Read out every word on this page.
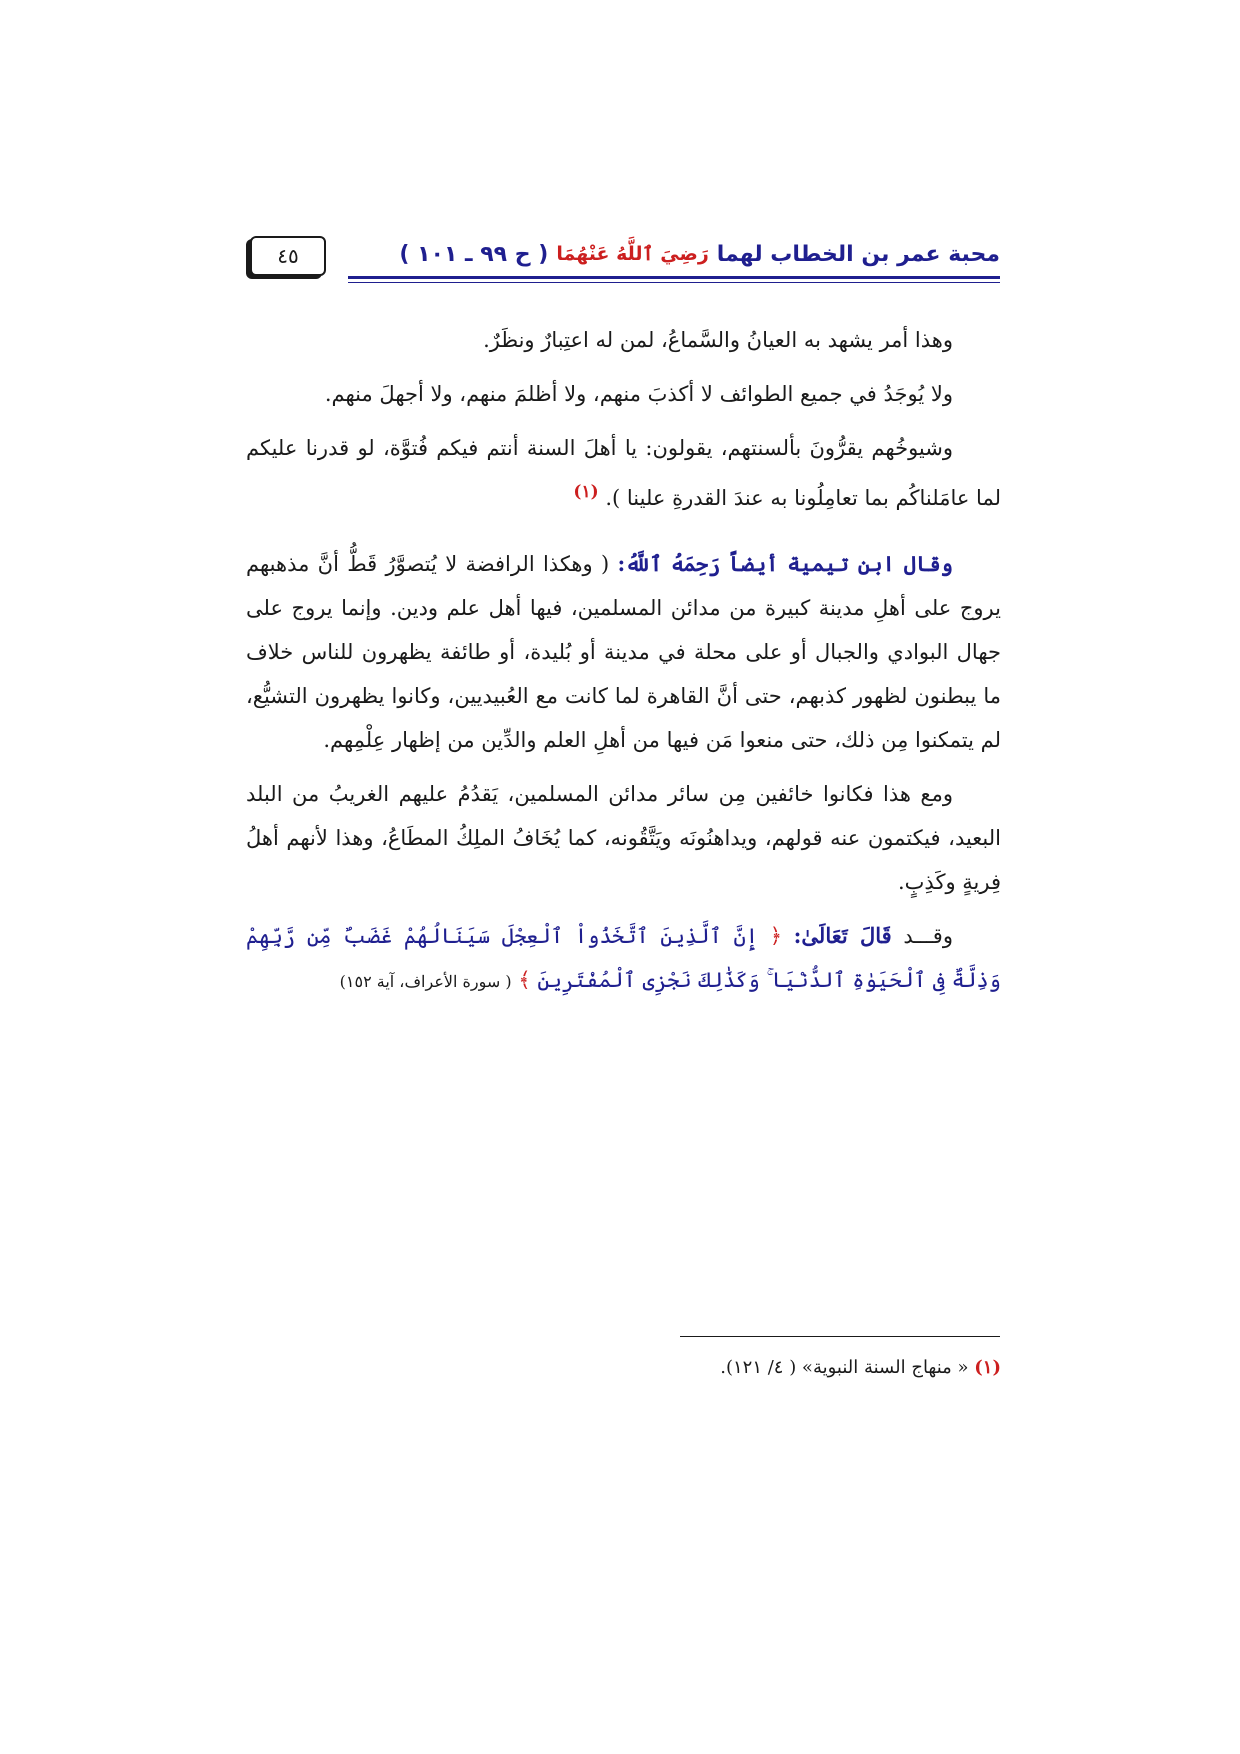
٤٥	محبة عمر بن الخطاب لهما
رَضِيَ ٱللَّهُ عَنْهُمَا
( ح ٩٩ ـ ١٠١ )

وهذا أمر يشهد به العيانُ والسَّماعُ، لمن له اعتِبارٌ ونظَرٌ.

ولا يُوجَدُ في جميع الطوائف لا أكذبَ منهم، ولا أظلمَ منهم، ولا أجهلَ منهم.

وشيوخُهم يقرُّونَ بألسنتهم، يقولون: يا أهلَ السنة أنتم فيكم فُتوَّة، لو قدرنا عليكم لما عامَلناكُم بما تعامِلُونا به عندَ القدرةِ علينا ). $^{(١)}$

وقال ابن تيمية أيضاً رَحِمَهُ ٱللَّهُ: ( وهكذا الرافضة لا يُتصوَّرُ قَطُّ أنَّ مذهبهم يروج على أهلِ مدينة كبيرة من مدائن المسلمين، فيها أهل علم ودين. وإنما يروج على جهال البوادي والجبال أو على محلة في مدينة أو بُليدة، أو طائفة يظهرون للناس خلاف ما يبطنون لظهور كذبهم، حتى أنَّ القاهرة لما كانت مع العُبيديين، وكانوا يظهرون التشيُّع، لم يتمكنوا مِن ذلك، حتى منعوا مَن فيها من أهلِ العلم والدِّين من إظهار عِلْمِهم.

ومع هذا فكانوا خائفين مِن سائر مدائن المسلمين، يَقدُمُ عليهم الغريبُ من البلد البعيد، فيكتمون عنه قولهم، ويداهنُونَه ويَتَّقُونه، كما يُخَافُ الملِكُ المطَاعُ، وهذا لأنهم أهلُ فِريةٍ وكَذِبٍ.

وقـــد قَالَ تَعَالَىٰ: ﴿ إِنَّ ٱلَّذِينَ ٱتَّخَذُواْ ٱلْعِجْلَ سَيَنَالُهُمْ غَضَبٌ مِّن رَّبِّهِمْ وَذِلَّةٌ فِى ٱلْحَيَوٰةِ ٱلدُّنْيَا ۚ وَكَذَٰلِكَ نَجْزِى ٱلْمُفْتَرِينَ ﴾ ( سورة الأعراف، آية ١٥٢)

(١) « منهاج السنة النبوية» ( ٤/ ١٢١).
